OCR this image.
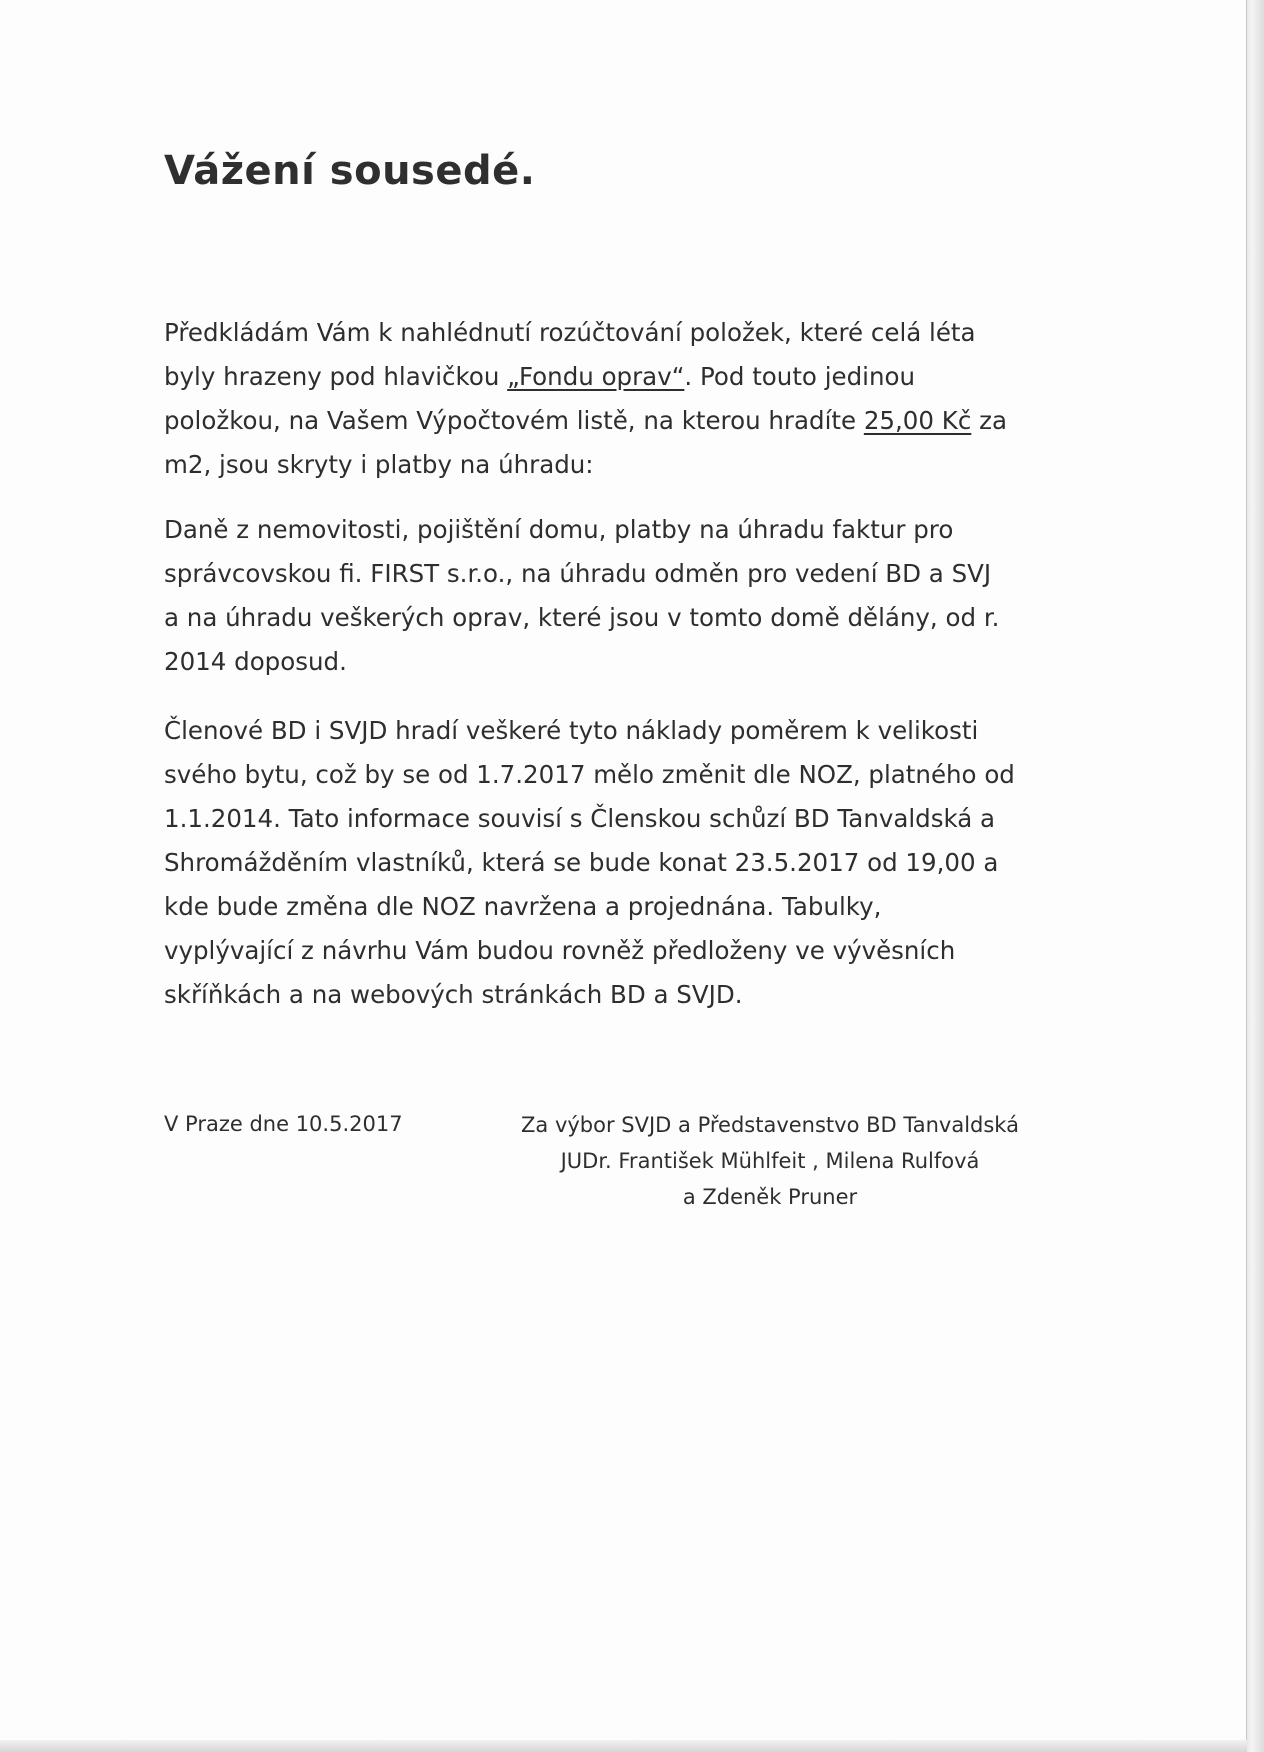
Vážení sousedé.
Předkládám Vám k nahlédnutí rozúčtování položek, které celá léta
byly hrazeny pod hlavičkou „Fondu oprav“. Pod touto jedinou
položkou, na Vašem Výpočtovém listě, na kterou hradíte 25,00 Kč za
m2, jsou skryty i platby na úhradu:
Daně z nemovitosti, pojištění domu, platby na úhradu faktur pro
správcovskou fi. FIRST s.r.o., na úhradu odměn pro vedení BD a SVJ
a na úhradu veškerých oprav, které jsou v tomto domě dělány, od r.
2014 doposud.
Členové BD i SVJD hradí veškeré tyto náklady poměrem k velikosti
svého bytu, což by se od 1.7.2017 mělo změnit dle NOZ, platného od
1.1.2014. Tato informace souvisí s Členskou schůzí BD Tanvaldská a
Shromážděním vlastníků, která se bude konat 23.5.2017 od 19,00 a
kde bude změna dle NOZ navržena a projednána. Tabulky,
vyplývající z návrhu Vám budou rovněž předloženy ve vývěsních
skříňkách a na webových stránkách BD a SVJD.
V Praze dne 10.5.2017	Za výbor SVJD a Představenstvo BD Tanvaldská
JUDr. František Mühlfeit , Milena Rulfová
a Zdeněk Pruner
